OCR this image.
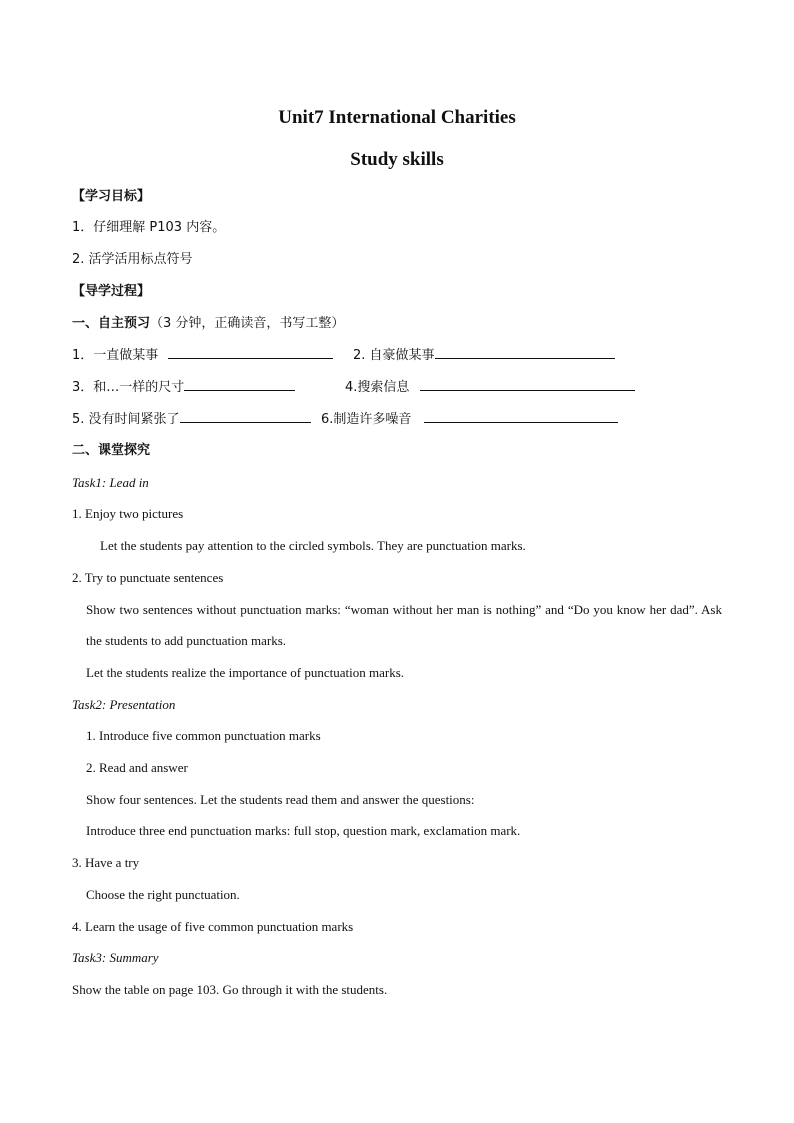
Unit7 International Charities
Study skills
【学习目标】
1．仔细理解 P103 内容。
2. 活学活用标点符号
【导学过程】
一、自主预习（3 分钟，正确读音，书写工整）
1．一直做某事	2. 自豪做某事
3．和…一样的尺寸	4.搜索信息
5. 没有时间紧张了	6.制造许多噪音
二、课堂探究
Task1: Lead in
1. Enjoy two pictures
Let the students pay attention to the circled symbols. They are punctuation marks.
2. Try to punctuate sentences
Show two sentences without punctuation marks: “woman without her man is nothing” and “Do you know her dad”. Ask the students to add punctuation marks.
Let the students realize the importance of punctuation marks.
Task2: Presentation
1. Introduce five common punctuation marks
2. Read and answer
Show four sentences. Let the students read them and answer the questions:
Introduce three end punctuation marks: full stop, question mark, exclamation mark.
3. Have a try
Choose the right punctuation.
4. Learn the usage of five common punctuation marks
Task3: Summary
Show the table on page 103. Go through it with the students.
